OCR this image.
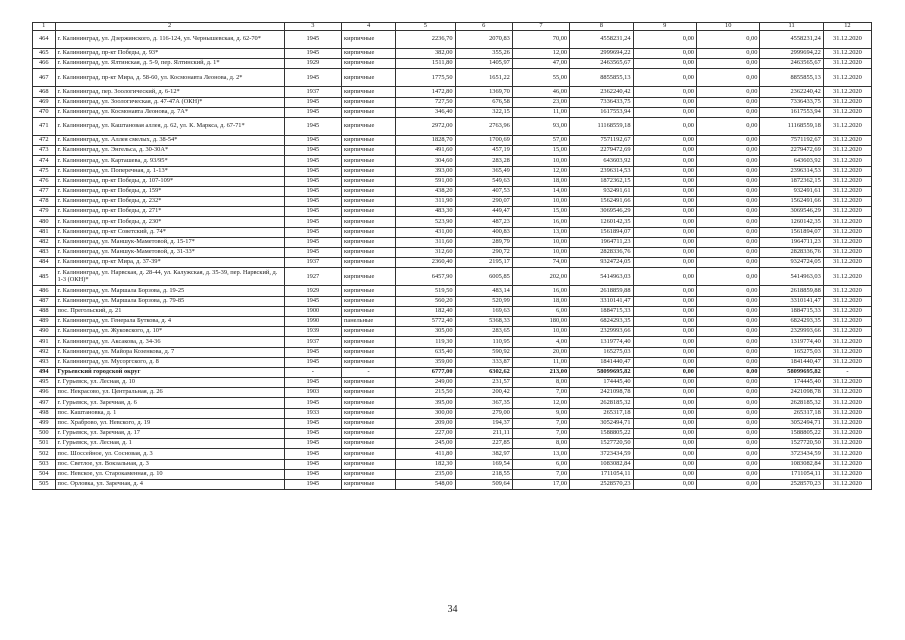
1	2	3	4	5	6	7	8	9	10	11	12
464	г. Калининград, ул. Дзержинского, д. 116-124, ул. Чернышевская, д. 62-70*	1945	кирпичные	2236,70	2070,83	70,00	4558231,24	0,00	0,00	4558231,24	31.12.2020
465	г. Калининград, пр-кт Победы, д. 93*	1945	кирпичные	382,00	355,26	12,00	2999694,22	0,00	0,00	2999694,22	31.12.2020
466	г. Калининград, ул. Ялтинская, д. 5-9, пер. Ялтинский, д. 1*	1929	кирпичные	1511,80	1405,97	47,00	2463565,67	0,00	0,00	2463565,67	31.12.2020
467	г. Калининград, пр-кт Мира, д. 58-60, ул. Космонавта Леонова, д. 2*	1945	кирпичные	1775,50	1651,22	55,00	8855855,13	0,00	0,00	8855855,13	31.12.2020
468	г. Калининград, пер. Зоологический, д. 6-12*	1937	кирпичные	1472,80	1369,70	46,00	2362240,42	0,00	0,00	2362240,42	31.12.2020
469	г. Калининград, ул. Зоологическая, д. 47-47А (ОКН)*	1945	кирпичные	727,50	676,58	23,00	7336433,75	0,00	0,00	7336433,75	31.12.2020
470	г. Калининград, ул. Космонавта Леонова, д. 7А*	1945	кирпичные	346,40	322,15	11,00	1617553,94	0,00	0,00	1617553,94	31.12.2020
471	г. Калининград, ул. Каштановая аллея, д. 62, ул. К. Маркса, д. 67-71*	1945	кирпичные	2972,00	2763,96	93,00	11168559,18	0,00	0,00	11168559,18	31.12.2020
472	г. Калининград, ул. Аллея смелых, д. 38-54*	1945	кирпичные	1828,70	1700,69	57,00	7571192,67	0,00	0,00	7571192,67	31.12.2020
473	г. Калининград, ул. Энгельса, д. 30-30А*	1945	кирпичные	491,60	457,19	15,00	2279472,69	0,00	0,00	2279472,69	31.12.2020
474	г. Калининград, ул. Карташева, д. 93/95*	1945	кирпичные	304,60	283,28	10,00	643603,92	0,00	0,00	643603,92	31.12.2020
475	г. Калининград, ул. Поперечная, д. 1-13*	1945	кирпичные	393,00	365,49	12,00	2396314,53	0,00	0,00	2396314,53	31.12.2020
476	г. Калининград, пр-кт Победы, д. 107-109*	1945	кирпичные	591,00	549,63	18,00	1872362,15	0,00	0,00	1872362,15	31.12.2020
477	г. Калининград, пр-кт Победы, д. 159*	1945	кирпичные	438,20	407,53	14,00	932491,61	0,00	0,00	932491,61	31.12.2020
478	г. Калининград, пр-кт Победы, д. 232*	1945	кирпичные	311,90	290,07	10,00	1562491,66	0,00	0,00	1562491,66	31.12.2020
479	г. Калининград, пр-кт Победы, д. 271*	1945	кирпичные	483,30	449,47	15,00	3069546,29	0,00	0,00	3069546,29	31.12.2020
480	г. Калининград, пр-кт Победы, д. 230*	1945	кирпичные	523,90	487,23	16,00	1260142,35	0,00	0,00	1260142,35	31.12.2020
481	г. Калининград, пр-кт Советский, д. 74*	1945	кирпичные	431,00	400,83	13,00	1561894,07	0,00	0,00	1561894,07	31.12.2020
482	г. Калининград, ул. Маншук-Маметовой, д. 15-17*	1945	кирпичные	311,60	289,79	10,00	1964711,23	0,00	0,00	1964711,23	31.12.2020
483	г. Калининград, ул. Маншук-Маметовой, д. 31-33*	1945	кирпичные	312,60	290,72	10,00	2828336,76	0,00	0,00	2828336,76	31.12.2020
484	г. Калининград, пр-кт Мира, д. 37-39*	1937	кирпичные	2360,40	2195,17	74,00	9324724,05	0,00	0,00	9324724,05	31.12.2020
485	г. Калининград, ул. Нарвская, д. 28-44, ул. Калужская, д. 35-39, пер. Нарвский, д. 1-3 (ОКН)*	1927	кирпичные	6457,90	6005,85	202,00	5414963,03	0,00	0,00	5414963,03	31.12.2020
486	г. Калининград, ул. Маршала Борзова, д. 19-25	1929	кирпичные	519,50	483,14	16,00	2618859,88	0,00	0,00	2618859,88	31.12.2020
487	г. Калининград, ул. Маршала Борзова, д. 79-85	1945	кирпичные	560,20	520,99	18,00	3310141,47	0,00	0,00	3310141,47	31.12.2020
488	пос. Прегольский, д. 21	1900	кирпичные	182,40	169,63	6,00	1884715,33	0,00	0,00	1884715,33	31.12.2020
489	г. Калининград, ул. Генерала Буткова, д. 4	1990	панельные	5772,40	5368,33	180,00	6824293,35	0,00	0,00	6824293,35	31.12.2020
490	г. Калининград, ул. Жуковского, д. 10*	1939	кирпичные	305,00	283,65	10,00	2329993,66	0,00	0,00	2329993,66	31.12.2020
491	г. Калининград, ул. Аксакова, д. 34-36	1937	кирпичные	119,30	110,95	4,00	1319774,40	0,00	0,00	1319774,40	31.12.2020
492	г. Калининград, ул. Майора Козенкова, д. 7	1945	кирпичные	635,40	590,92	20,00	165275,03	0,00	0,00	165275,03	31.12.2020
493	г. Калининград, ул. Мусоргского, д. 8	1945	кирпичные	359,00	333,87	11,00	1841440,47	0,00	0,00	1841440,47	31.12.2020
494	Гурьевский городской округ	-	-	6777,00	6302,62	213,00	58099695,82	0,00	0,00	58099695,82	-
495	г. Гурьевск, ул. Лесная, д. 10	1945	кирпичные	249,00	231,57	8,00	174445,40	0,00	0,00	174445,40	31.12.2020
496	пос. Некрасово, ул. Центральная, д. 26	1903	кирпичные	215,50	200,42	7,00	2421098,78	0,00	0,00	2421098,78	31.12.2020
497	г. Гурьевск, ул. Заречная, д. 6	1945	кирпичные	395,00	367,35	12,00	2628185,32	0,00	0,00	2628185,32	31.12.2020
498	пос. Каштановка, д. 1	1933	кирпичные	300,00	279,00	9,00	265317,18	0,00	0,00	265317,18	31.12.2020
499	пос. Храброво, ул. Невского, д. 19	1945	кирпичные	209,00	194,37	7,00	3052494,71	0,00	0,00	3052494,71	31.12.2020
500	г. Гурьевск, ул. Заречная, д. 17	1945	кирпичные	227,00	211,11	7,00	1588805,22	0,00	0,00	1588805,22	31.12.2020
501	г. Гурьевск, ул. Лесная, д. 1	1945	кирпичные	245,00	227,85	8,00	1527720,50	0,00	0,00	1527720,50	31.12.2020
502	пос. Шоссейное, ул. Сосновая, д. 3	1945	кирпичные	411,80	382,97	13,00	3723434,59	0,00	0,00	3723434,59	31.12.2020
503	пос. Светлое, ул. Вокзальная, д. 3	1945	кирпичные	182,30	169,54	6,00	1083082,84	0,00	0,00	1083082,84	31.12.2020
504	пос. Невское, ул. Старокаменная, д. 10	1945	кирпичные	235,00	218,55	7,00	1711054,11	0,00	0,00	1711054,11	31.12.2020
505	пос. Орловка, ул. Заречная, д. 4	1945	кирпичные	548,00	509,64	17,00	2528570,23	0,00	0,00	2528570,23	31.12.2020
34
